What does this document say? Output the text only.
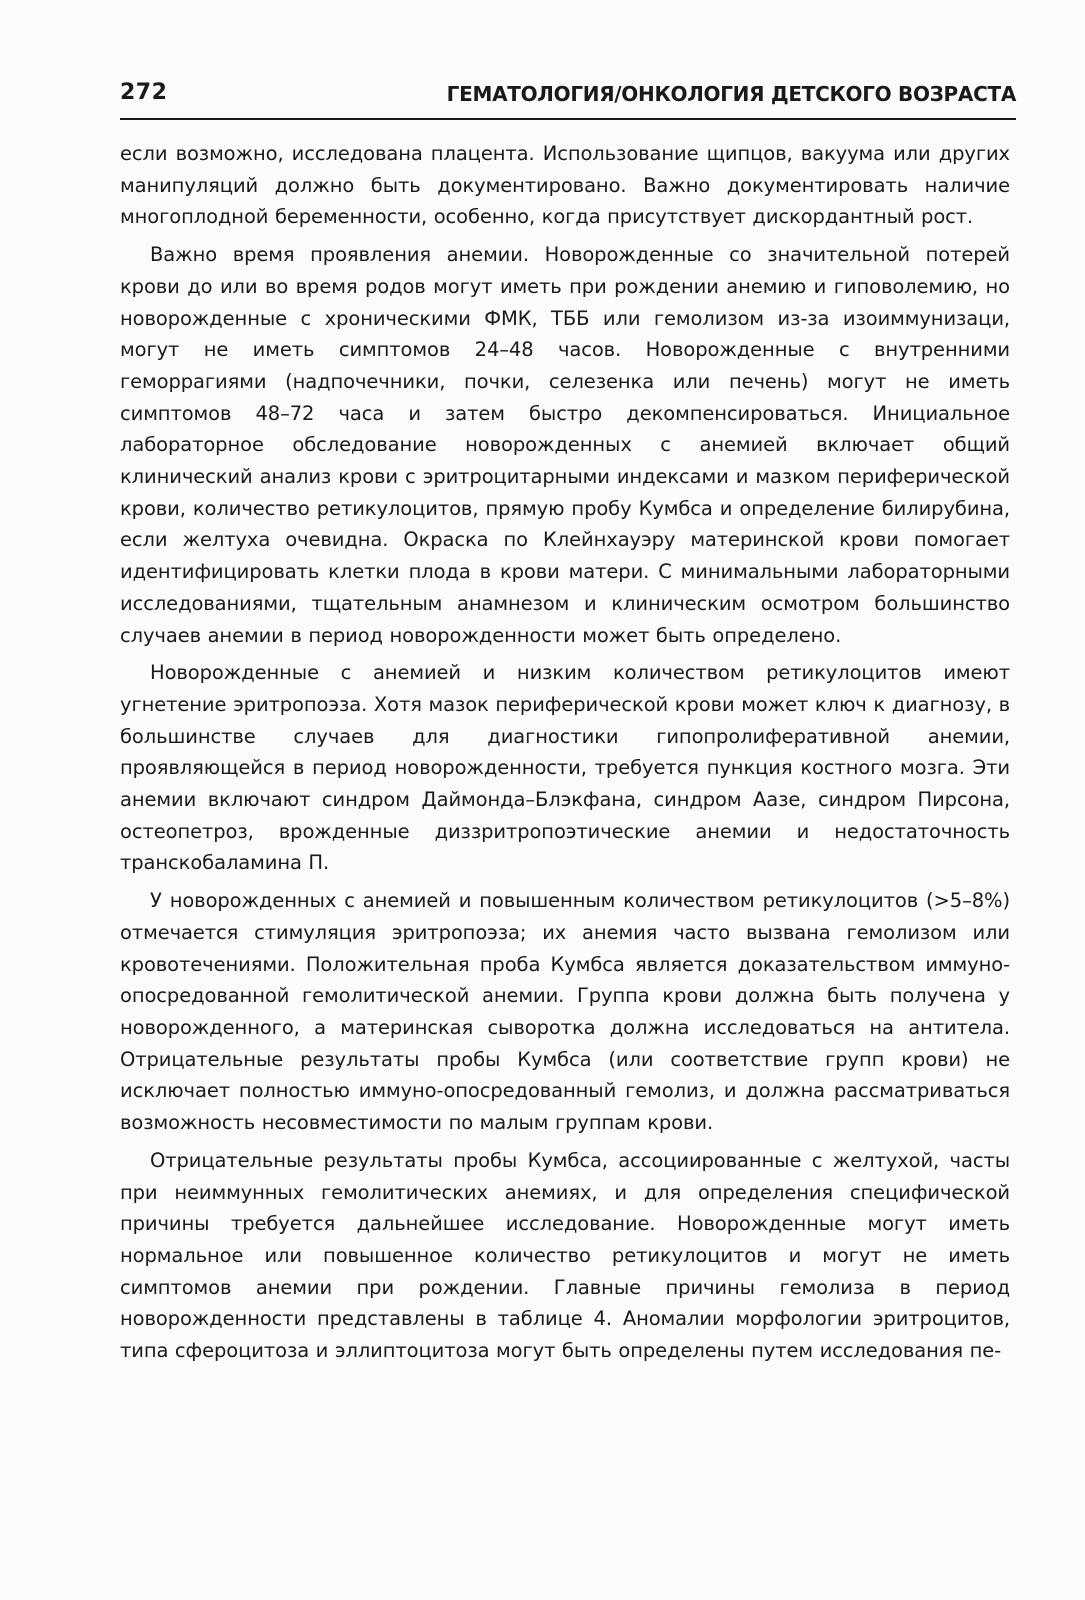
272	ГЕМАТОЛОГИЯ/ОНКОЛОГИЯ ДЕТСКОГО ВОЗРАСТА

если возможно, исследована плацента. Использование щипцов, вакуума или других манипуляций должно быть документировано. Важно документировать наличие многоплодной беременности, особенно, когда присутствует дискордантный рост.

Важно время проявления анемии. Новорожденные со значительной потерей крови до или во время родов могут иметь при рождении анемию и гиповолемию, но новорожденные с хроническими ФМК, ТББ или гемолизом из-за изоиммунизаци, могут не иметь симптомов 24–48 часов. Новорожденные с внутренними геморрагиями (надпочечники, почки, селезенка или печень) могут не иметь симптомов 48–72 часа и затем быстро декомпенсироваться. Инициальное лабораторное обследование новорожденных с анемией включает общий клинический анализ крови с эритроцитарными индексами и мазком периферической крови, количество ретикулоцитов, прямую пробу Кумбса и определение билирубина, если желтуха очевидна. Окраска по Клейнхауэру материнской крови помогает идентифицировать клетки плода в крови матери. С минимальными лабораторными исследованиями, тщательным анамнезом и клиническим осмотром большинство случаев анемии в период новорожденности может быть определено.

Новорожденные с анемией и низким количеством ретикулоцитов имеют угнетение эритропоэза. Хотя мазок периферической крови может ключ к диагнозу, в большинстве случаев для диагностики гипопролиферативной анемии, проявляющейся в период новорожденности, требуется пункция костного мозга. Эти анемии включают синдром Даймонда–Блэкфана, синдром Аазе, синдром Пирсона, остеопетроз, врожденные диззритропоэтические анемии и недостаточность транскобаламина П.

У новорожденных с анемией и повышенным количеством ретикулоцитов (>5–8%) отмечается стимуляция эритропоэза; их анемия часто вызвана гемолизом или кровотечениями. Положительная проба Кумбса является доказательством иммуно-опосредованной гемолитической анемии. Группа крови должна быть получена у новорожденного, а материнская сыворотка должна исследоваться на антитела. Отрицательные результаты пробы Кумбса (или соответствие групп крови) не исключает полностью иммуно-опосредованный гемолиз, и должна рассматриваться возможность несовместимости по малым группам крови.

Отрицательные результаты пробы Кумбса, ассоциированные с желтухой, часты при неиммунных гемолитических анемиях, и для определения специфической причины требуется дальнейшее исследование. Новорожденные могут иметь нормальное или повышенное количество ретикулоцитов и могут не иметь симптомов анемии при рождении. Главные причины гемолиза в период новорожденности представлены в таблице 4. Аномалии морфологии эритроцитов, типа сфероцитоза и эллиптоцитоза могут быть определены путем исследования пе-
